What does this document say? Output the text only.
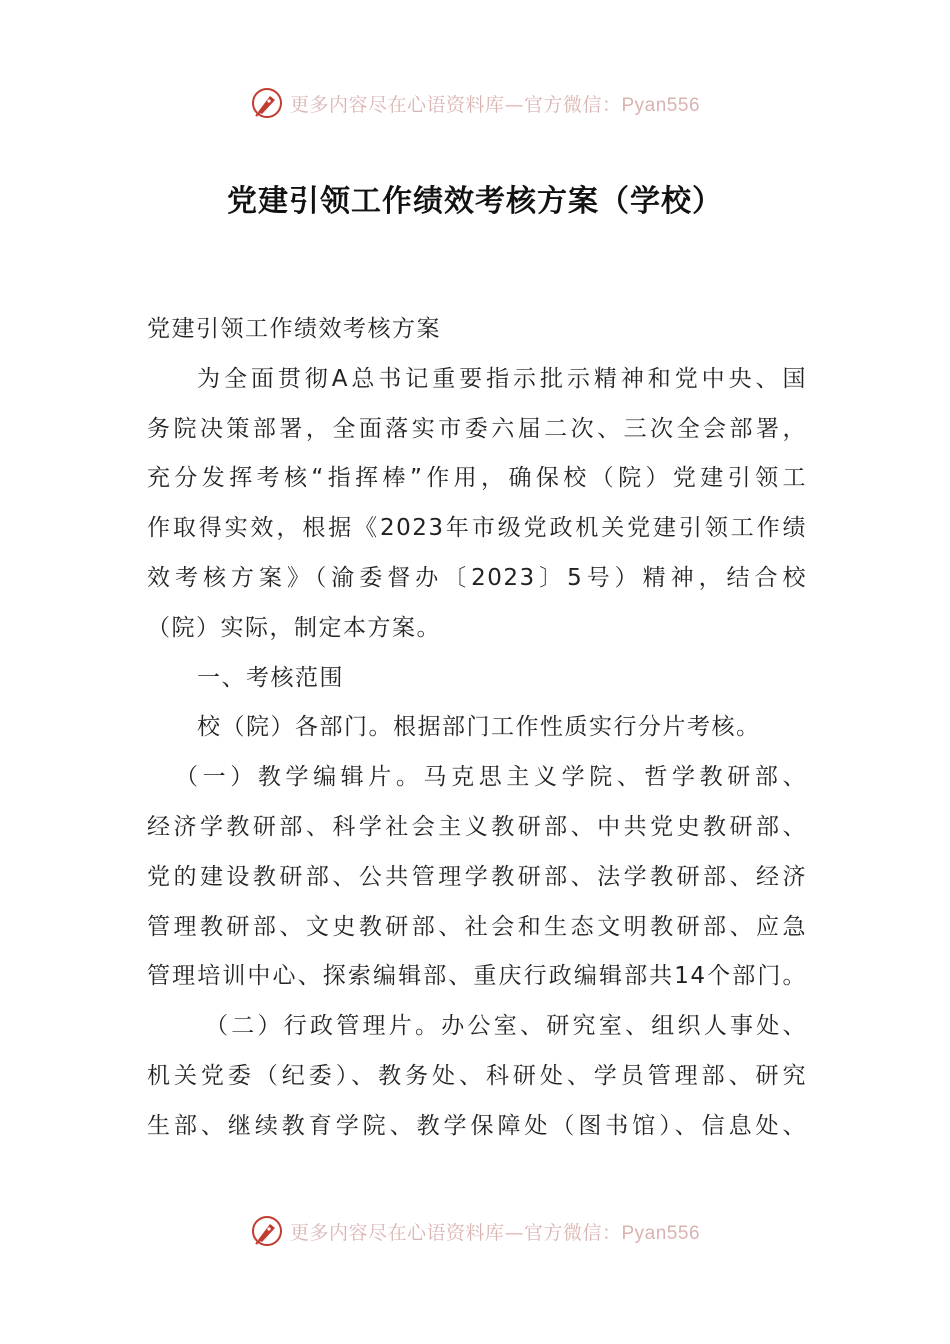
更多内容尽在心语资料库—官方微信：Pyan556
党建引领工作绩效考核方案（学校）

党建引领工作绩效考核方案

为全面贯彻A总书记重要指示批示精神和党中央、国
务院决策部署，全面落实市委六届二次、三次全会部署，
充分发挥考核“指挥棒”作用，确保校（院）党建引领工
作取得实效，根据《2023年市级党政机关党建引领工作绩
效考核方案》（渝委督办〔2023〕5号）精神，结合校
（院）实际，制定本方案。

一、考核范围

校（院）各部门。根据部门工作性质实行分片考核。

（一）教学编辑片。马克思主义学院、哲学教研部、
经济学教研部、科学社会主义教研部、中共党史教研部、
党的建设教研部、公共管理学教研部、法学教研部、经济
管理教研部、文史教研部、社会和生态文明教研部、应急
管理培训中心、探索编辑部、重庆行政编辑部共14个部门。

（二）行政管理片。办公室、研究室、组织人事处、
机关党委（纪委）、教务处、科研处、学员管理部、研究
生部、继续教育学院、教学保障处（图书馆）、信息处、

更多内容尽在心语资料库—官方微信：Pyan556
